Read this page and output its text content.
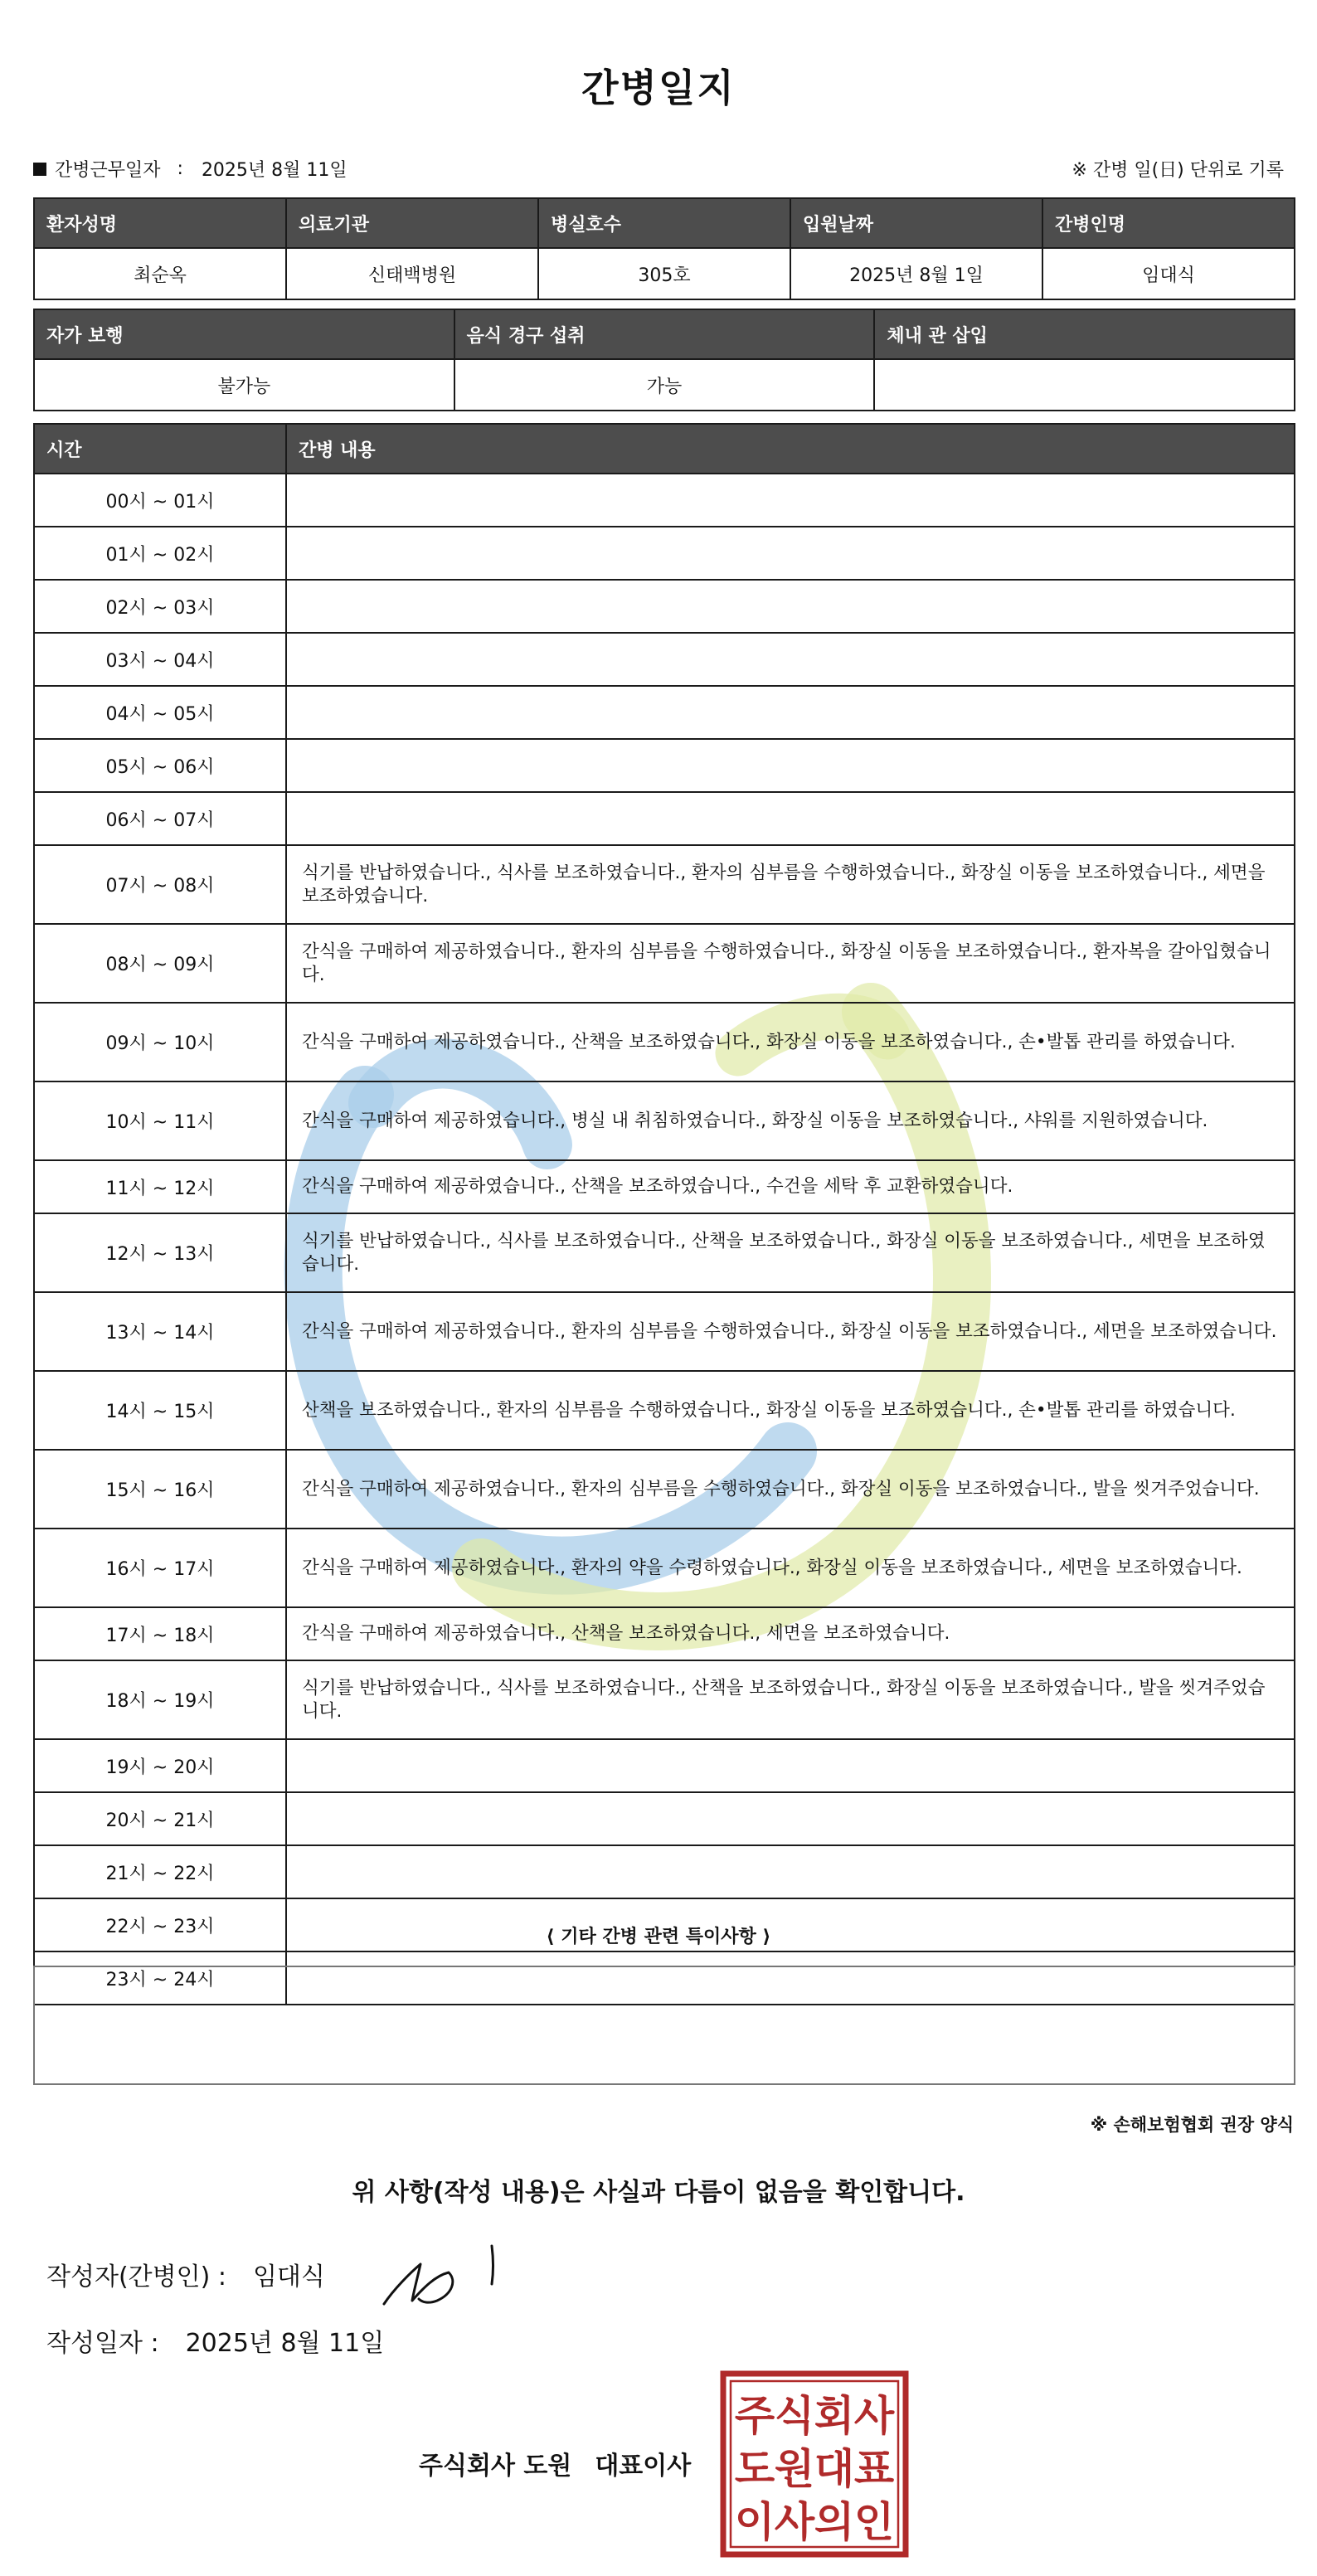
간병일지
간병근무일자 : 2025년 8월 11일	※ 간병 일(日) 단위로 기록
환자성명	의료기관	병실호수	입원날짜	간병인명
최순옥	신태백병원	305호	2025년 8월 1일	임대식
자가 보행	음식 경구 섭취	체내 관 삽입
불가능	가능	
시간	간병 내용
00시 ~ 01시	
01시 ~ 02시	
02시 ~ 03시	
03시 ~ 04시	
04시 ~ 05시	
05시 ~ 06시	
06시 ~ 07시	
07시 ~ 08시	식기를 반납하였습니다., 식사를 보조하였습니다., 환자의 심부름을 수행하였습니다., 화장실 이동을 보조하였습니다., 세면을 보조하였습니다.
08시 ~ 09시	간식을 구매하여 제공하였습니다., 환자의 심부름을 수행하였습니다., 화장실 이동을 보조하였습니다., 환자복을 갈아입혔습니다.
09시 ~ 10시	간식을 구매하여 제공하였습니다., 산책을 보조하였습니다., 화장실 이동을 보조하였습니다., 손•발톱 관리를 하였습니다.
10시 ~ 11시	간식을 구매하여 제공하였습니다., 병실 내 취침하였습니다., 화장실 이동을 보조하였습니다., 샤워를 지원하였습니다.
11시 ~ 12시	간식을 구매하여 제공하였습니다., 산책을 보조하였습니다., 수건을 세탁 후 교환하였습니다.
12시 ~ 13시	식기를 반납하였습니다., 식사를 보조하였습니다., 산책을 보조하였습니다., 화장실 이동을 보조하였습니다., 세면을 보조하였습니다.
13시 ~ 14시	간식을 구매하여 제공하였습니다., 환자의 심부름을 수행하였습니다., 화장실 이동을 보조하였습니다., 세면을 보조하였습니다.
14시 ~ 15시	산책을 보조하였습니다., 환자의 심부름을 수행하였습니다., 화장실 이동을 보조하였습니다., 손•발톱 관리를 하였습니다.
15시 ~ 16시	간식을 구매하여 제공하였습니다., 환자의 심부름을 수행하였습니다., 화장실 이동을 보조하였습니다., 발을 씻겨주었습니다.
16시 ~ 17시	간식을 구매하여 제공하였습니다., 환자의 약을 수령하였습니다., 화장실 이동을 보조하였습니다., 세면을 보조하였습니다.
17시 ~ 18시	간식을 구매하여 제공하였습니다., 산책을 보조하였습니다., 세면을 보조하였습니다.
18시 ~ 19시	식기를 반납하였습니다., 식사를 보조하였습니다., 산책을 보조하였습니다., 화장실 이동을 보조하였습니다., 발을 씻겨주었습니다.
19시 ~ 20시	
20시 ~ 21시	
21시 ~ 22시	
22시 ~ 23시	
23시 ~ 24시	
⟨ 기타 간병 관련 특이사항 ⟩
※ 손해보험협회 권장 양식
위 사항(작성 내용)은 사실과 다름이 없음을 확인합니다.
작성자(간병인) : 임대식
작성일자 : 2025년 8월 11일
주식회사 도원 대표이사
주 식 회 사
도 원 대 표
이 사 의 인
